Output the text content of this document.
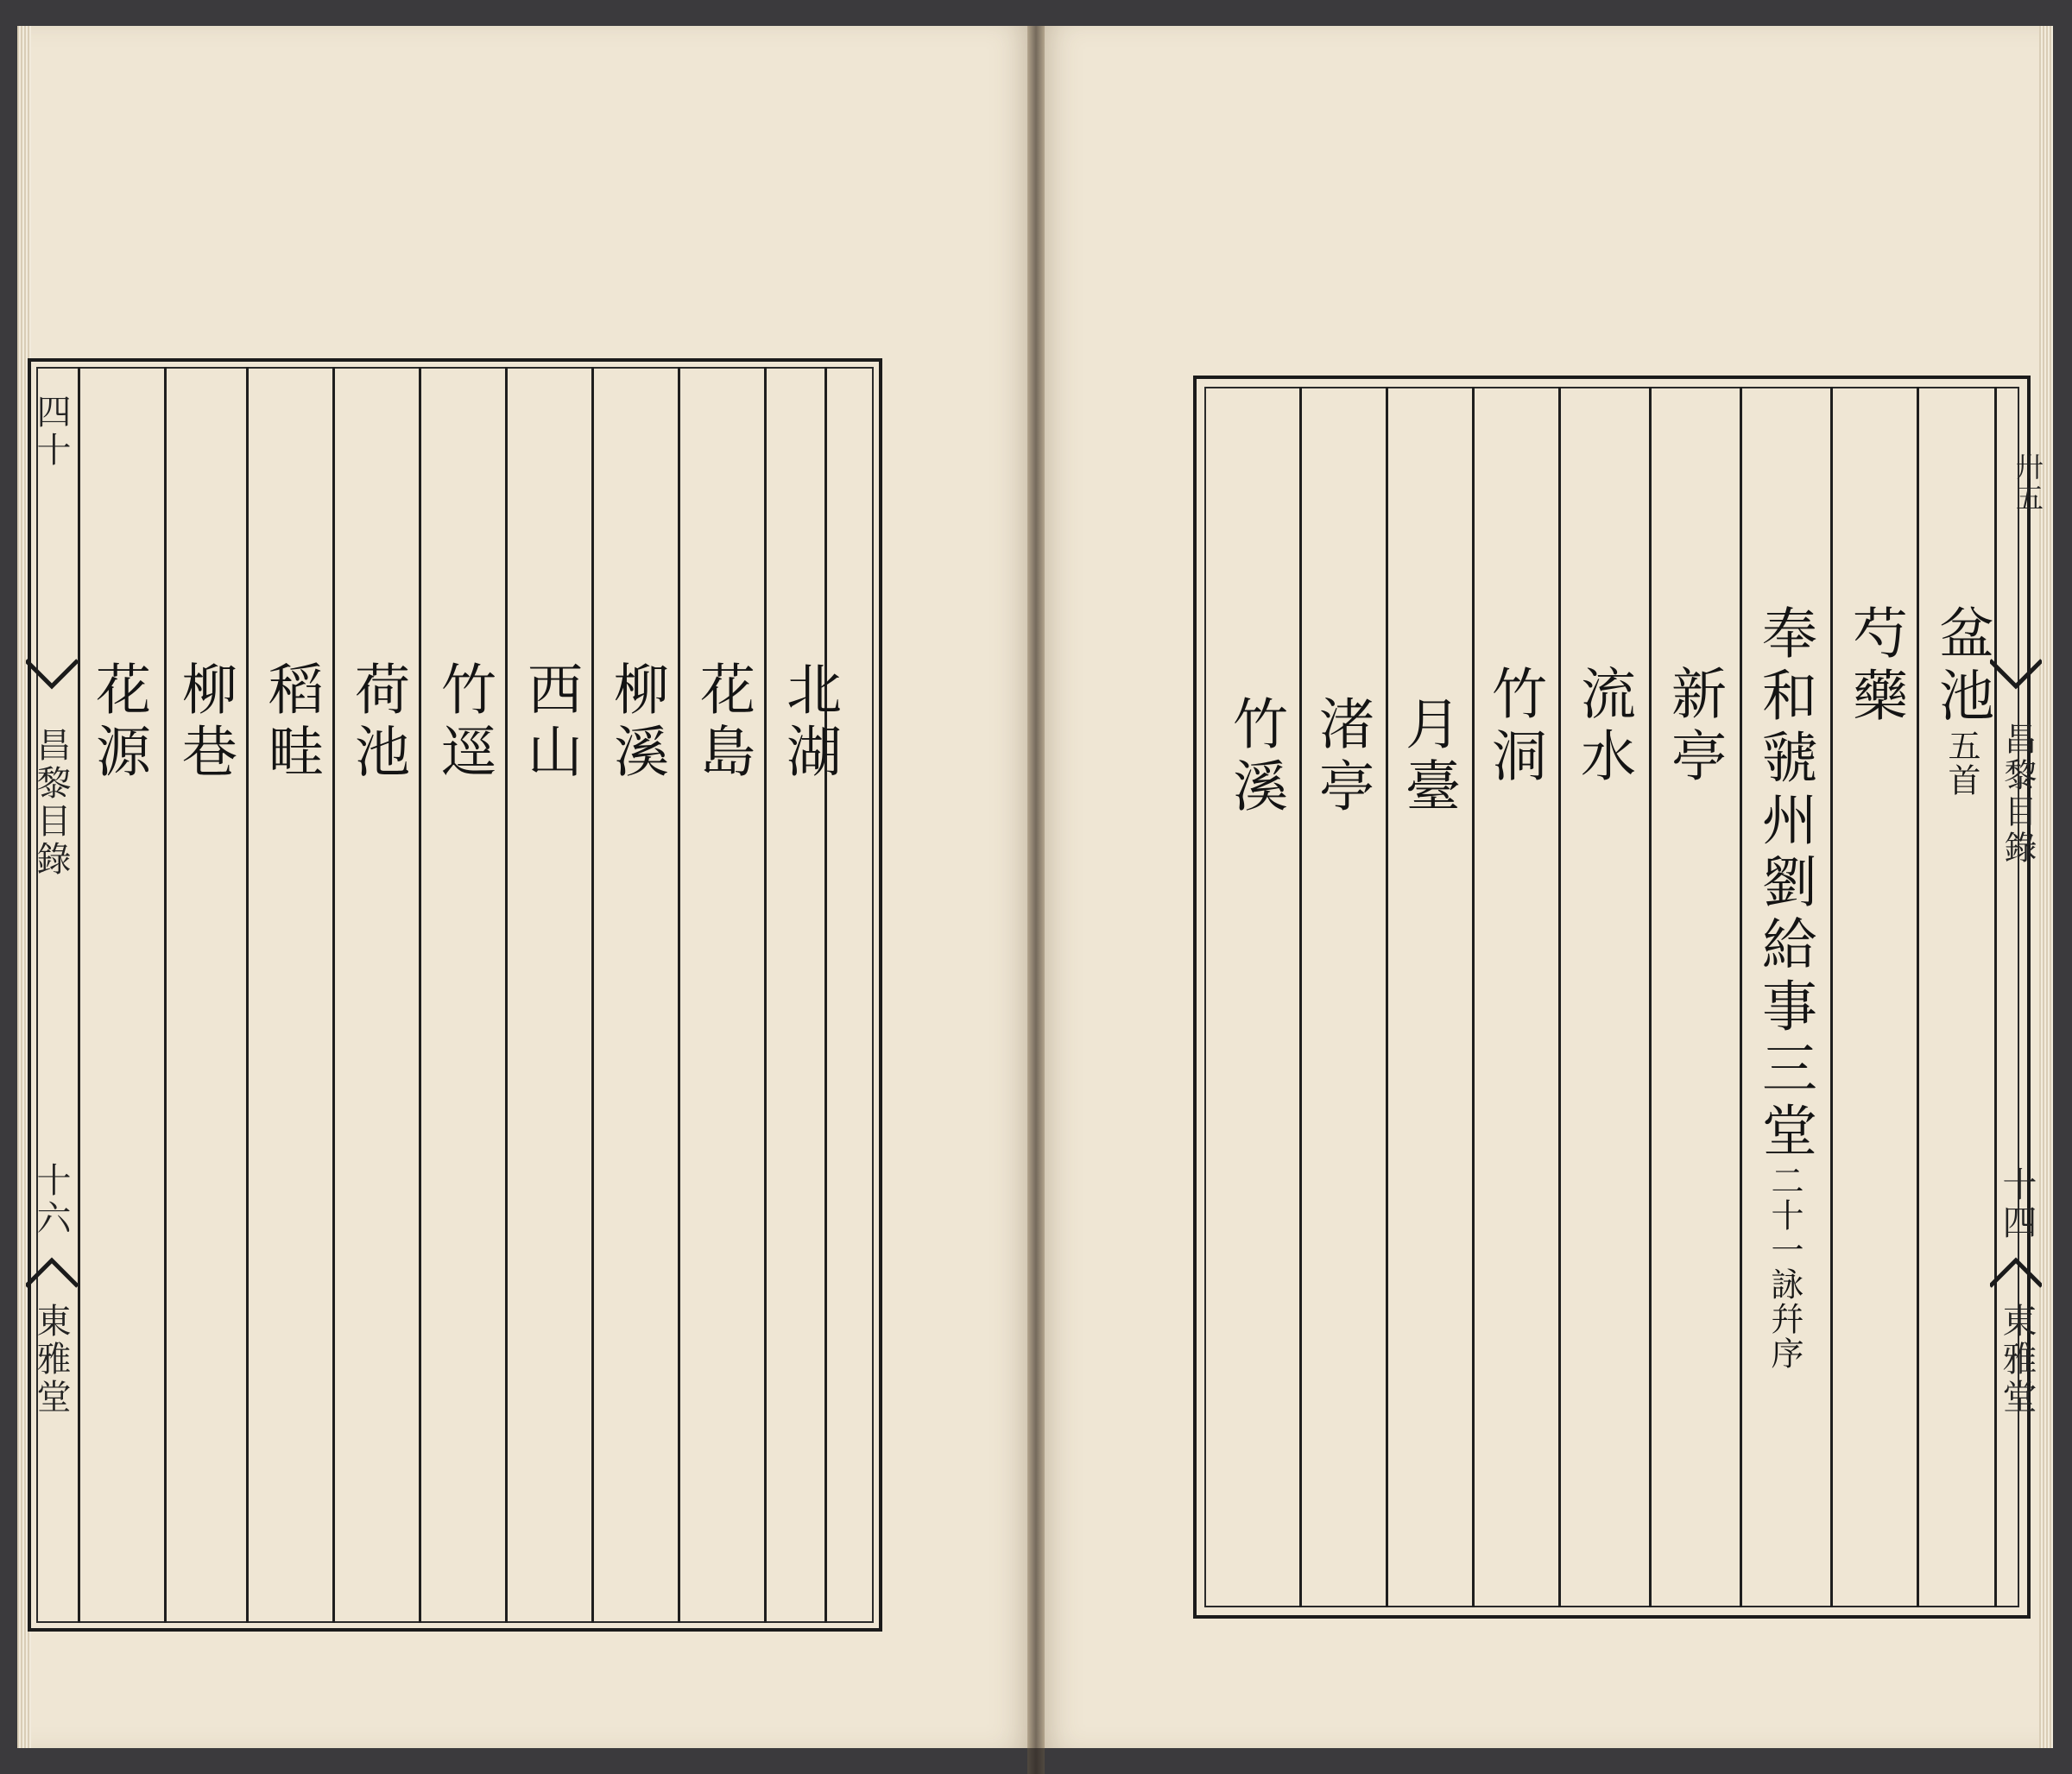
四十
昌黎目錄
十六
東雅堂
北湖
花島
柳溪
西山
竹逕
荷池
稻畦
柳巷
花源
卅五
昌黎目錄
十四
東雅堂
盆池五首
芍藥
奉和虢州劉給事三堂二十一詠幷序
新亭
流水
竹洞
月臺
渚亭
竹溪
